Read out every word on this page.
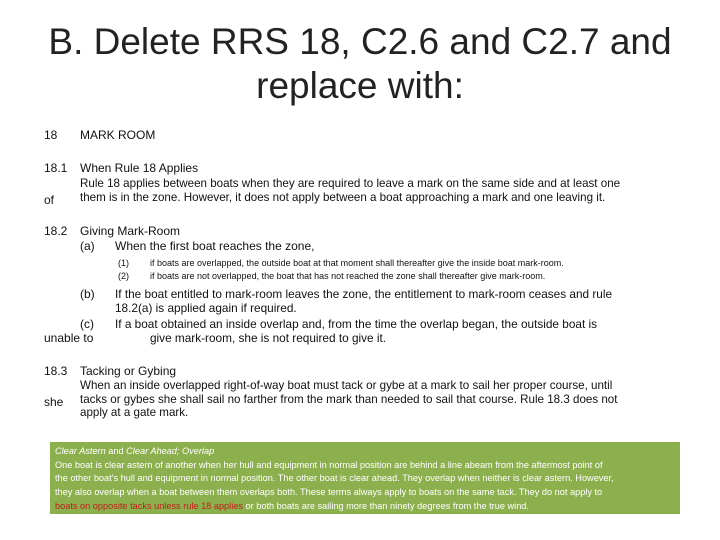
B. Delete RRS 18, C2.6 and C2.7 and replace with:
18 MARK ROOM
18.1 When Rule 18 Applies
Rule 18 applies between boats when they are required to leave a mark on the same side and at least one
of them is in the zone. However, it does not apply between a boat approaching a mark and one leaving it.
18.2 Giving Mark-Room
(a) When the first boat reaches the zone,
(1) if boats are overlapped, the outside boat at that moment shall thereafter give the inside boat mark-room.
(2) if boats are not overlapped, the boat that has not reached the zone shall thereafter give mark-room.
(b) If the boat entitled to mark-room leaves the zone, the entitlement to mark-room ceases and rule
18.2(a) is applied again if required.
(c) If a boat obtained an inside overlap and, from the time the overlap began, the outside boat is
unable to	give mark-room, she is not required to give it.
18.3 Tacking or Gybing
When an inside overlapped right-of-way boat must tack or gybe at a mark to sail her proper course, until
she tacks or gybes she shall sail no farther from the mark than needed to sail that course. Rule 18.3 does not
apply at a gate mark.
Clear Astern and Clear Ahead; Overlap
One boat is clear astern of another when her hull and equipment in normal position are behind a line abeam from the aftermost point of
the other boat's hull and equipment in normal position. The other boat is clear ahead. They overlap when neither is clear astern. However,
they also overlap when a boat between them overlaps both. These terms always apply to boats on the same tack. They do not apply to
boats on opposite tacks unless rule 18 applies or both boats are sailing more than ninety degrees from the true wind.
